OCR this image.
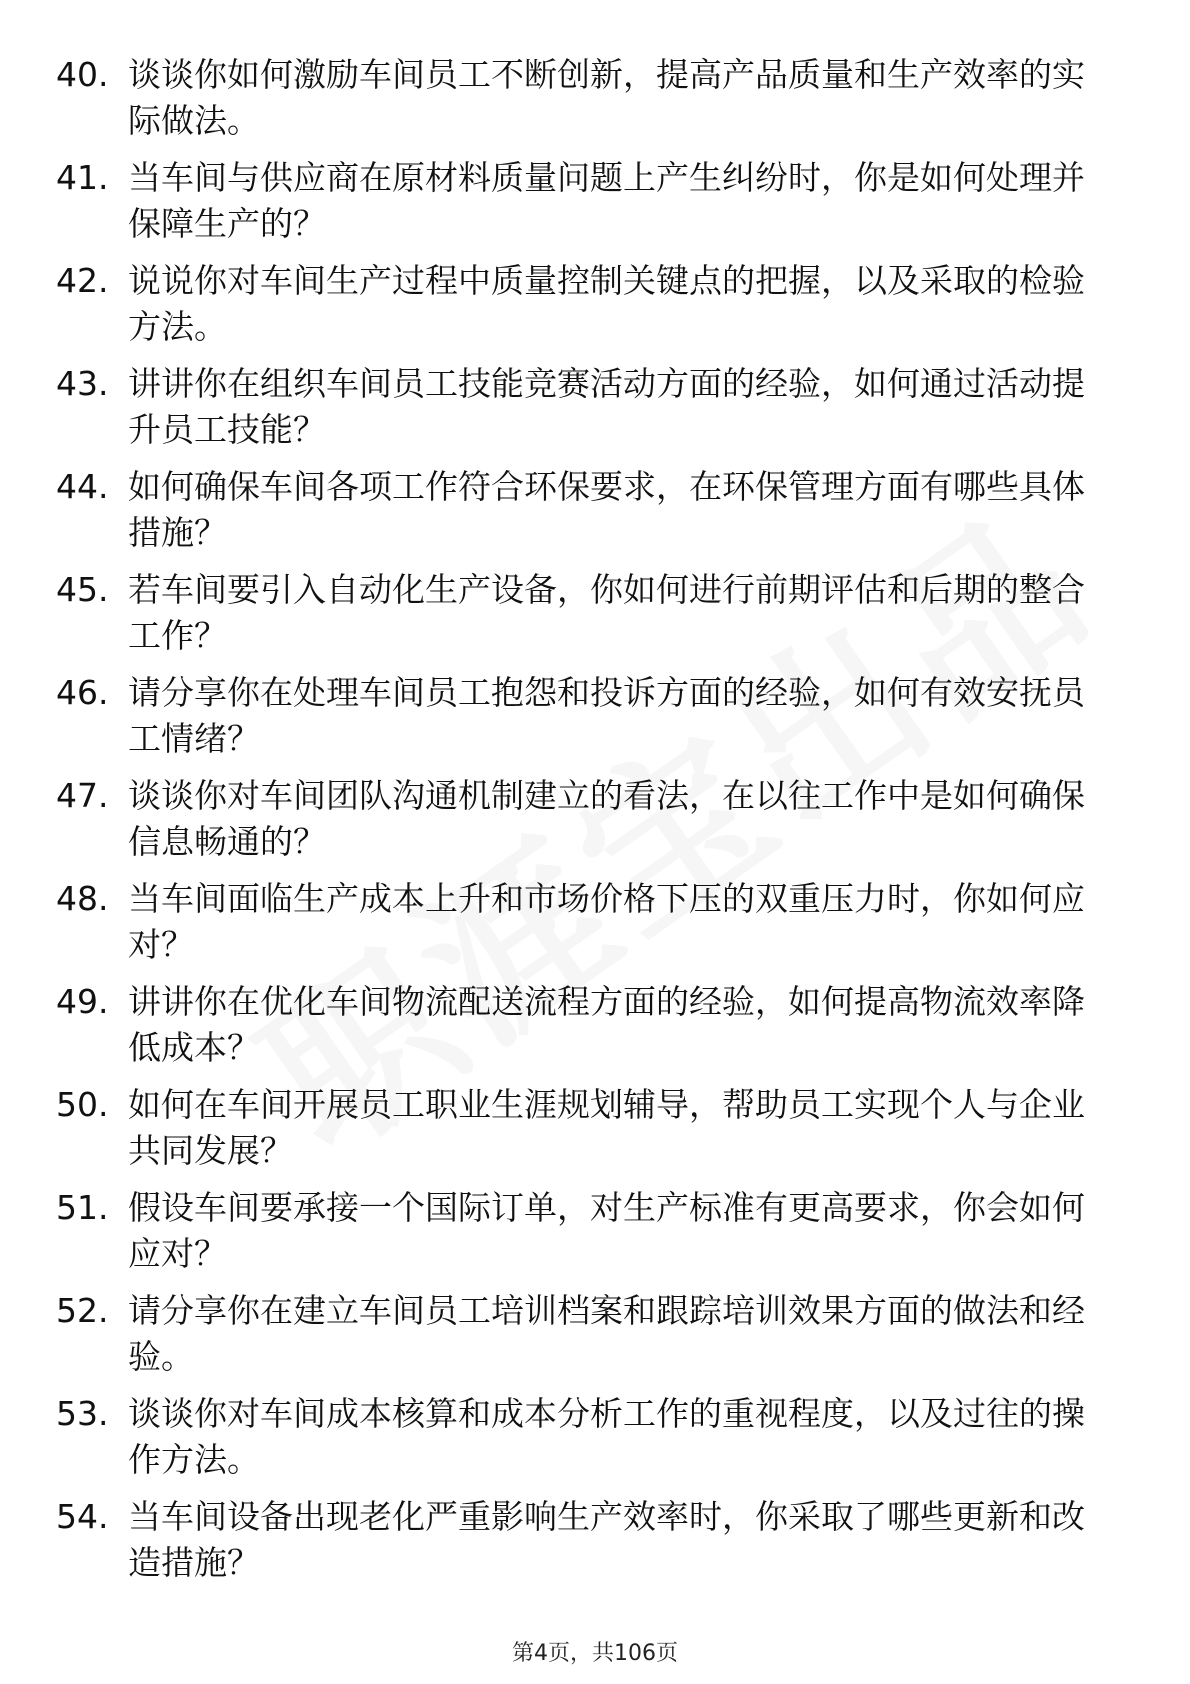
40. 谈谈你如何激励车间员工不断创新，提高产品质量和生产效率的实际做法。
41. 当车间与供应商在原材料质量问题上产生纠纷时，你是如何处理并保障生产的？
42. 说说你对车间生产过程中质量控制关键点的把握，以及采取的检验方法。
43. 讲讲你在组织车间员工技能竞赛活动方面的经验，如何通过活动提升员工技能？
44. 如何确保车间各项工作符合环保要求，在环保管理方面有哪些具体措施？
45. 若车间要引入自动化生产设备，你如何进行前期评估和后期的整合工作？
46. 请分享你在处理车间员工抱怨和投诉方面的经验，如何有效安抚员工情绪？
47. 谈谈你对车间团队沟通机制建立的看法，在以往工作中是如何确保信息畅通的？
48. 当车间面临生产成本上升和市场价格下压的双重压力时，你如何应对？
49. 讲讲你在优化车间物流配送流程方面的经验，如何提高物流效率降低成本？
50. 如何在车间开展员工职业生涯规划辅导，帮助员工实现个人与企业共同发展？
51. 假设车间要承接一个国际订单，对生产标准有更高要求，你会如何应对？
52. 请分享你在建立车间员工培训档案和跟踪培训效果方面的做法和经验。
53. 谈谈你对车间成本核算和成本分析工作的重视程度，以及过往的操作方法。
54. 当车间设备出现老化严重影响生产效率时，你采取了哪些更新和改造措施？
第4页，共106页
